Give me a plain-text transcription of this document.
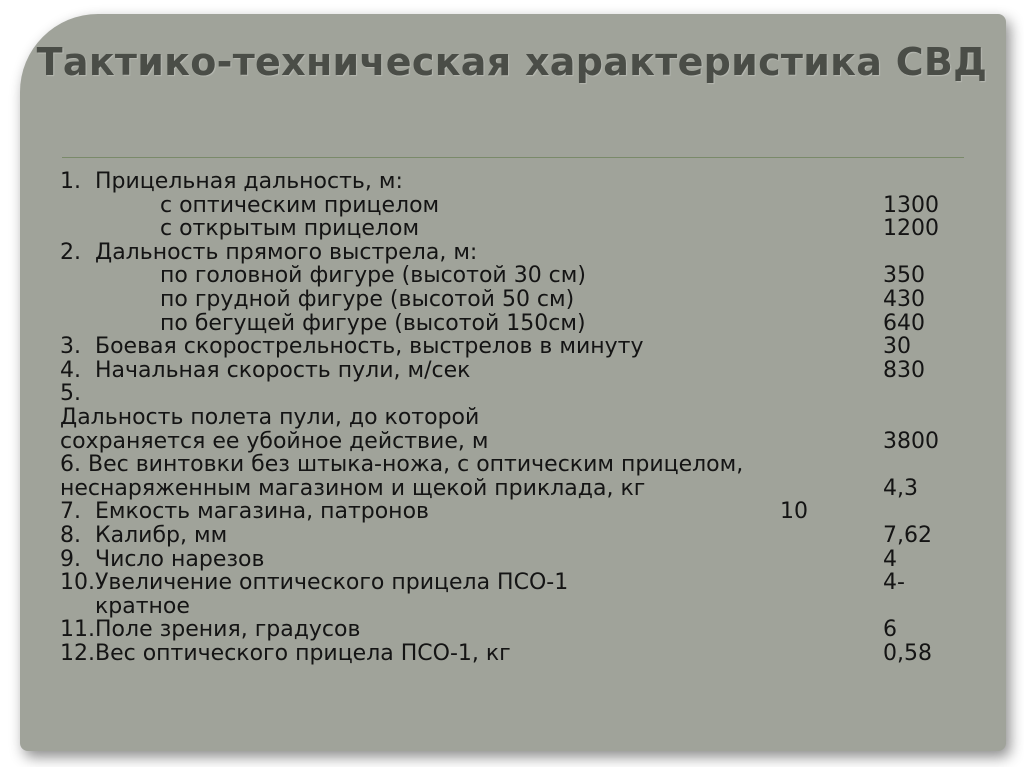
Тактико-техническая характеристика СВД
1. Прицельная дальность, м:
с оптическим прицелом	1300
с открытым прицелом	1200
2. Дальность прямого выстрела, м:
по головной фигуре (высотой 30 см)	350
по грудной фигуре (высотой 50 см)	430
по бегущей фигуре (высотой 150см)	640
3. Боевая скорострельность, выстрелов в минуту	30
4. Начальная скорость пули, м/сек	830
5.
Дальность полета пули, до которой
сохраняется ее убойное действие, м	3800
6. Вес винтовки без штыка-ножа, с оптическим прицелом,
неснаряженным магазином и щекой приклада, кг	4,3
7. Емкость магазина, патронов	10
8. Калибр, мм	7,62
9. Число нарезов	4
10. Увеличение оптического прицела ПСО-1	4-
кратное
11. Поле зрения, градусов	6
12. Вес оптического прицела ПСО-1, кг	0,58
